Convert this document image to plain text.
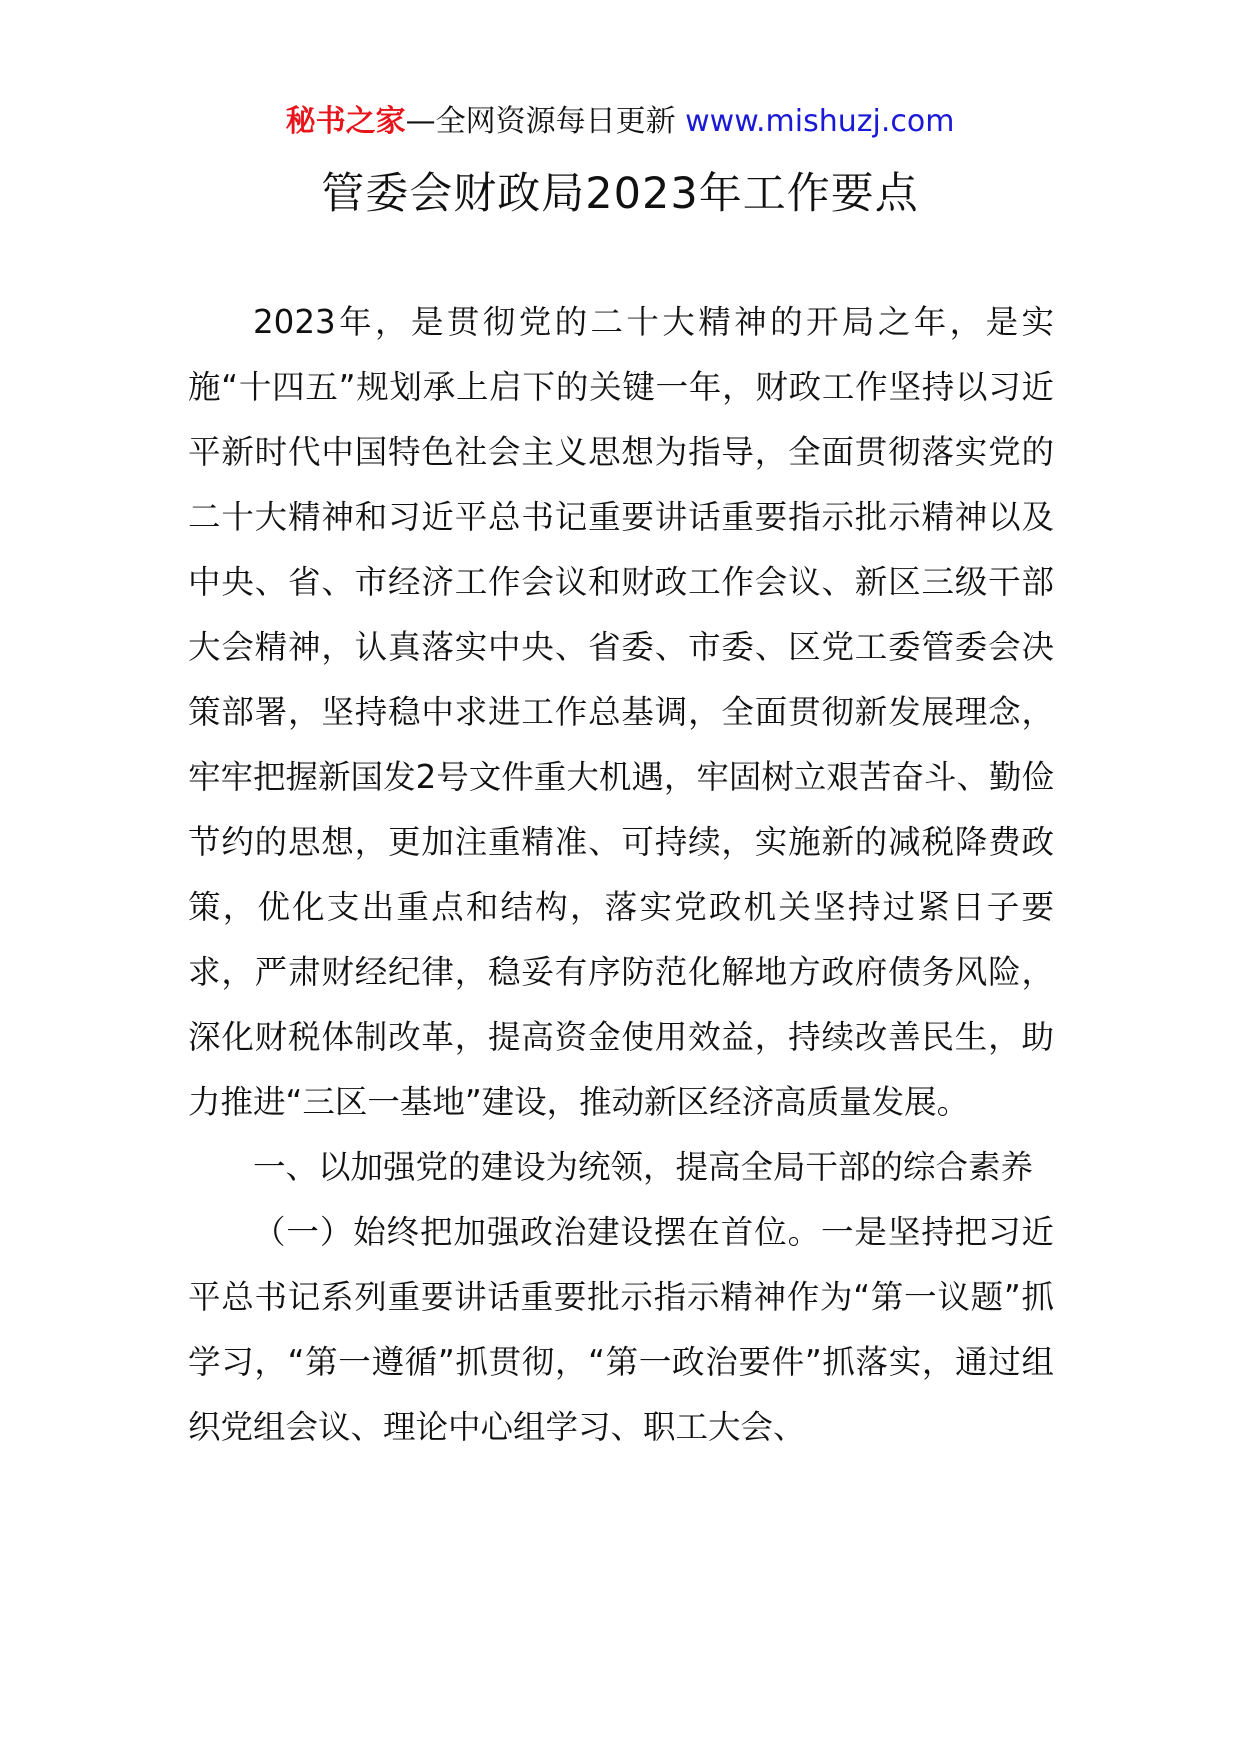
秘书之家—全网资源每日更新 www.mishuzj.com
管委会财政局2023年工作要点

2023年，是贯彻党的二十大精神的开局之年，是实施“十四五”规划承上启下的关键一年，财政工作坚持以习近平新时代中国特色社会主义思想为指导，全面贯彻落实党的二十大精神和习近平总书记重要讲话重要指示批示精神以及中央、省、市经济工作会议和财政工作会议、新区三级干部大会精神，认真落实中央、省委、市委、区党工委管委会决策部署，坚持稳中求进工作总基调，全面贯彻新发展理念，牢牢把握新国发2号文件重大机遇，牢固树立艰苦奋斗、勤俭节约的思想，更加注重精准、可持续，实施新的减税降费政策，优化支出重点和结构，落实党政机关坚持过紧日子要求，严肃财经纪律，稳妥有序防范化解地方政府债务风险，深化财税体制改革，提高资金使用效益，持续改善民生，助力推进“三区一基地”建设，推动新区经济高质量发展。

一、以加强党的建设为统领，提高全局干部的综合素养

（一）始终把加强政治建设摆在首位。一是坚持把习近平总书记系列重要讲话重要批示指示精神作为“第一议题”抓学习，“第一遵循”抓贯彻，“第一政治要件”抓落实，通过组织党组会议、理论中心组学习、职工大会、
